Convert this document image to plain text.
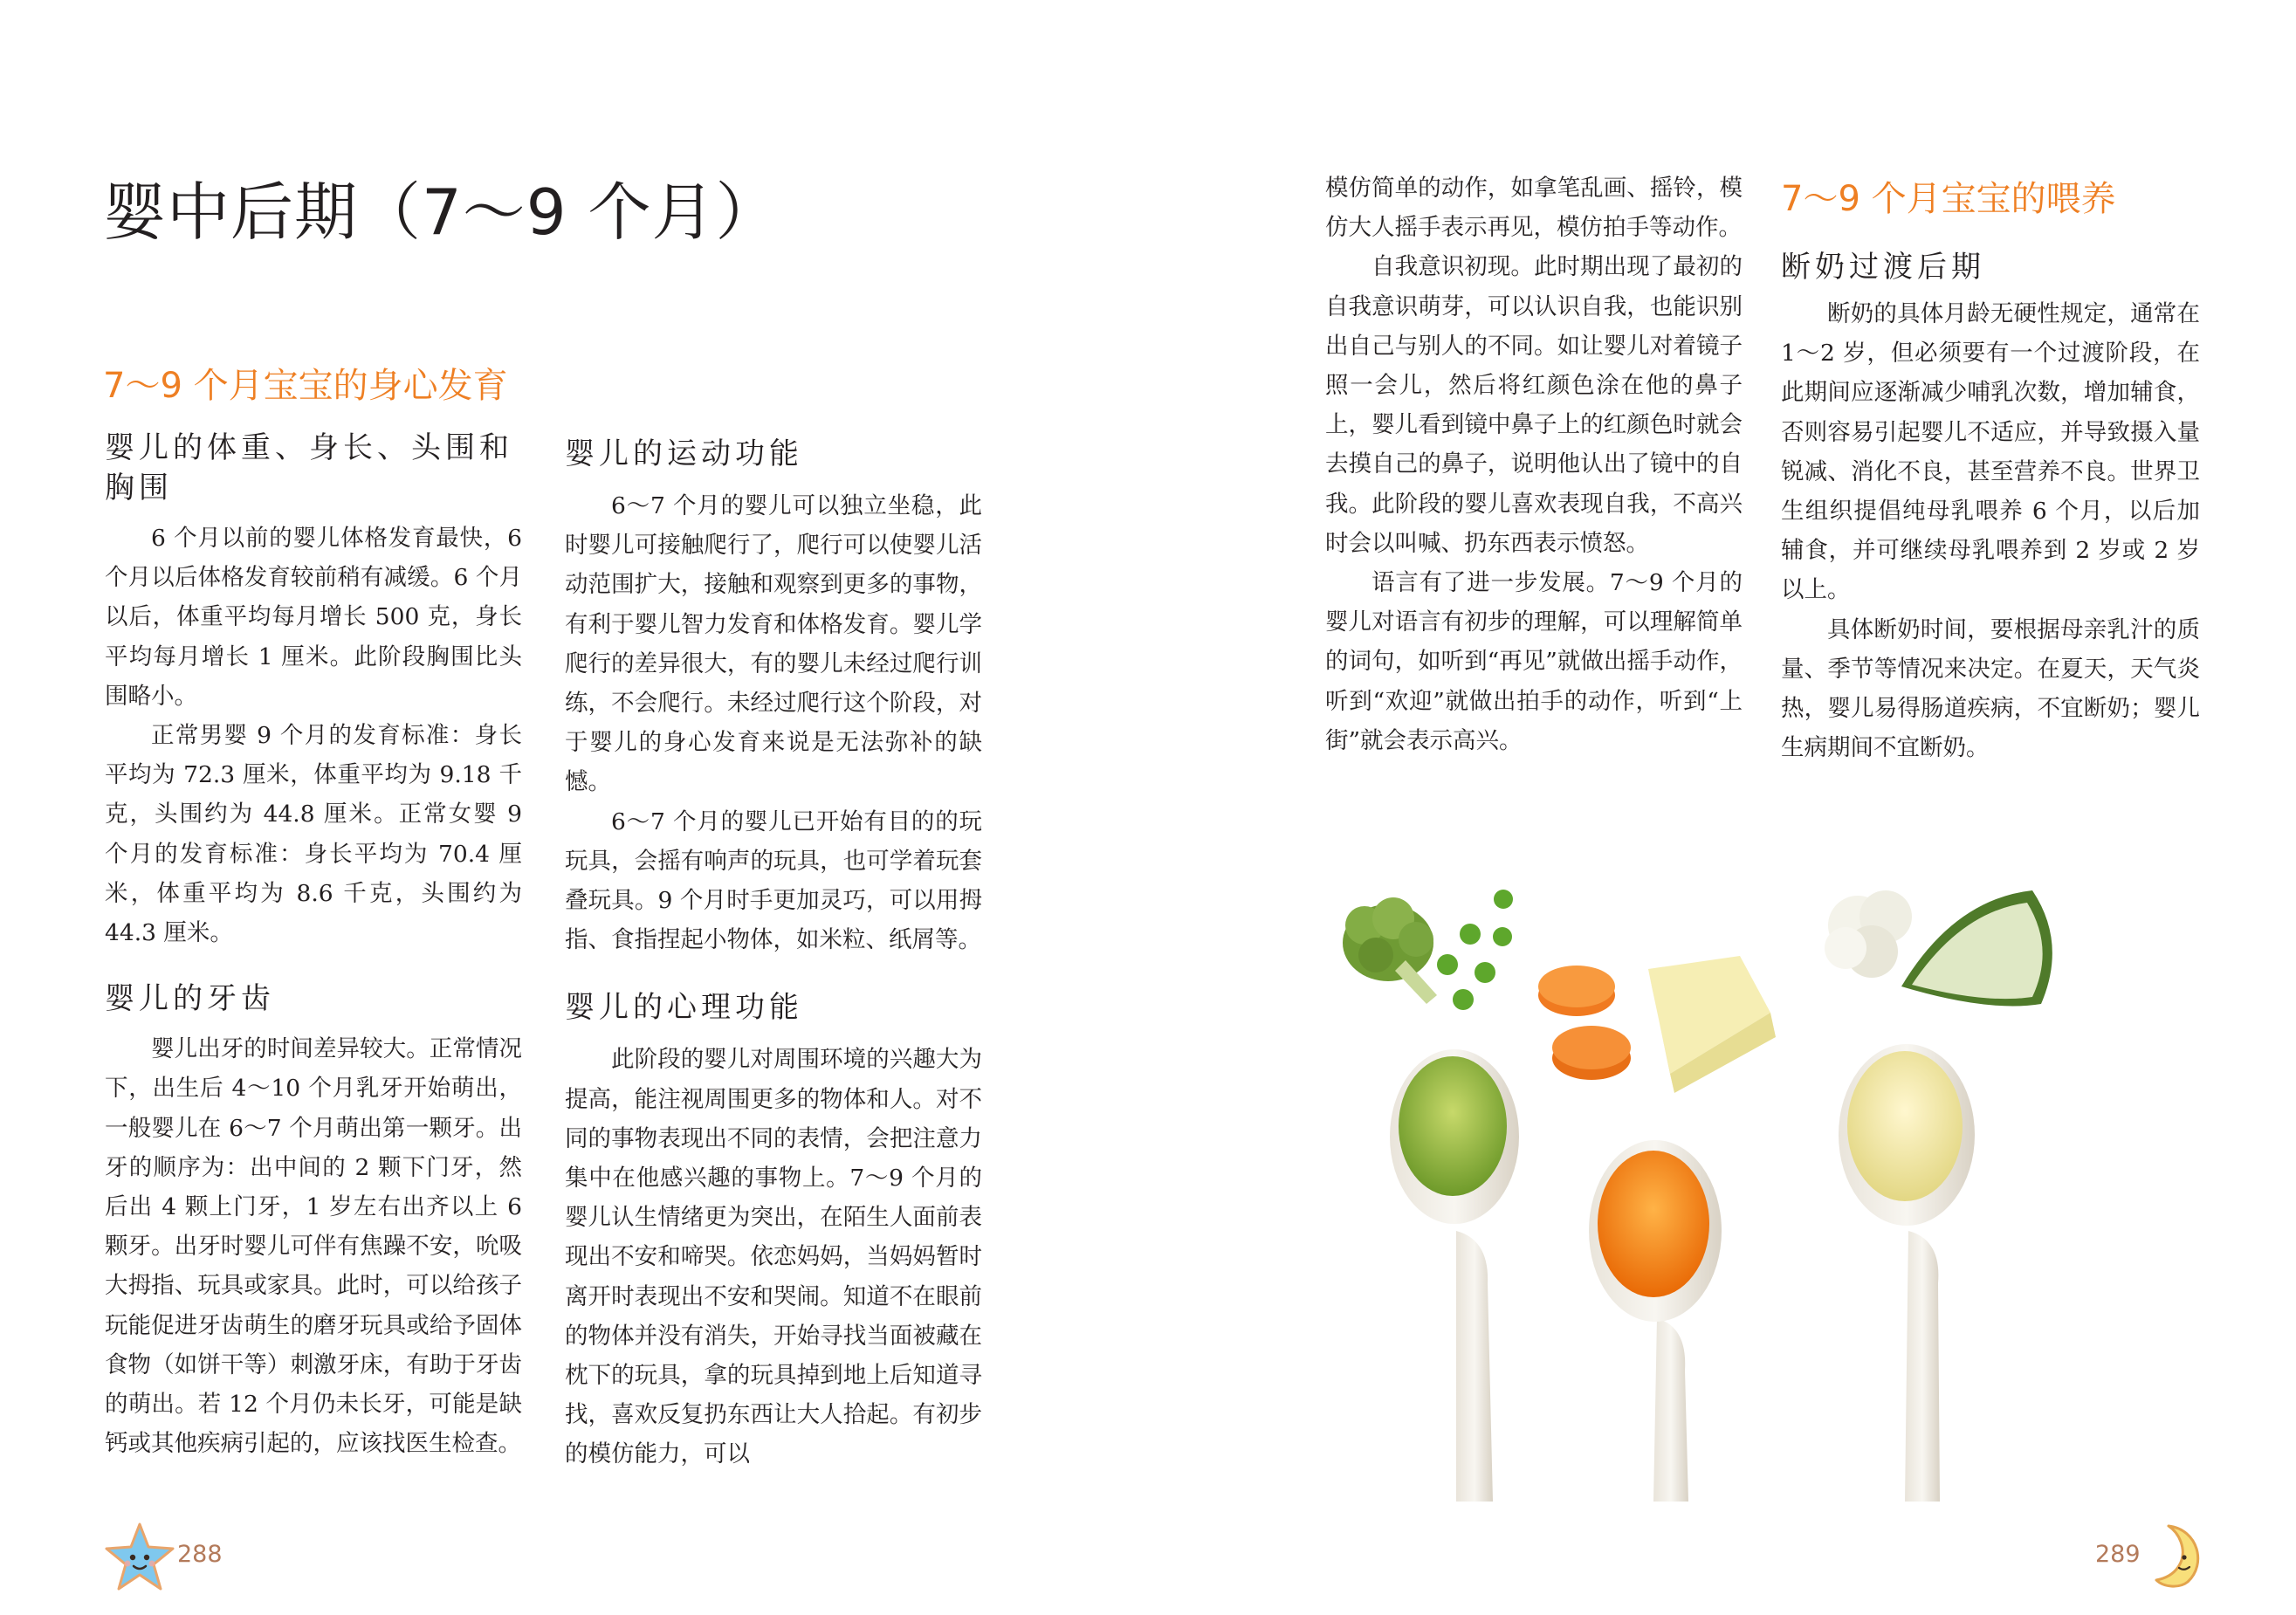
婴中后期（7～9 个月）
7～9 个月宝宝的身心发育
婴儿的体重、身长、头围和胸围

6 个月以前的婴儿体格发育最快，6 个月以后体格发育较前稍有减缓。6 个月以后，体重平均每月增长 500 克，身长平均每月增长 1 厘米。此阶段胸围比头围略小。

正常男婴 9 个月的发育标准：身长平均为 72.3 厘米，体重平均为 9.18 千克，头围约为 44.8 厘米。正常女婴 9 个月的发育标准：身长平均为 70.4 厘米，体重平均为 8.6 千克，头围约为 44.3 厘米。

婴儿的牙齿

婴儿出牙的时间差异较大。正常情况下，出生后 4～10 个月乳牙开始萌出，一般婴儿在 6～7 个月萌出第一颗牙。出牙的顺序为：出中间的 2 颗下门牙，然后出 4 颗上门牙，1 岁左右出齐以上 6 颗牙。出牙时婴儿可伴有焦躁不安，吮吸大拇指、玩具或家具。此时，可以给孩子玩能促进牙齿萌生的磨牙玩具或给予固体食物（如饼干等）刺激牙床，有助于牙齿的萌出。若 12 个月仍未长牙，可能是缺钙或其他疾病引起的，应该找医生检查。

婴儿的运动功能

6～7 个月的婴儿可以独立坐稳，此时婴儿可接触爬行了，爬行可以使婴儿活动范围扩大，接触和观察到更多的事物，有利于婴儿智力发育和体格发育。婴儿学爬行的差异很大，有的婴儿未经过爬行训练，不会爬行。未经过爬行这个阶段，对于婴儿的身心发育来说是无法弥补的缺憾。

6～7 个月的婴儿已开始有目的的玩玩具，会摇有响声的玩具，也可学着玩套叠玩具。9 个月时手更加灵巧，可以用拇指、食指捏起小物体，如米粒、纸屑等。

婴儿的心理功能

此阶段的婴儿对周围环境的兴趣大为提高，能注视周围更多的物体和人。对不同的事物表现出不同的表情，会把注意力集中在他感兴趣的事物上。7～9 个月的婴儿认生情绪更为突出，在陌生人面前表现出不安和啼哭。依恋妈妈，当妈妈暂时离开时表现出不安和哭闹。知道不在眼前的物体并没有消失，开始寻找当面被藏在枕下的玩具，拿的玩具掉到地上后知道寻找，喜欢反复扔东西让大人拾起。有初步的模仿能力，可以

288

模仿简单的动作，如拿笔乱画、摇铃，模仿大人摇手表示再见，模仿拍手等动作。

自我意识初现。此时期出现了最初的自我意识萌芽，可以认识自我，也能识别出自己与别人的不同。如让婴儿对着镜子照一会儿，然后将红颜色涂在他的鼻子上，婴儿看到镜中鼻子上的红颜色时就会去摸自己的鼻子，说明他认出了镜中的自我。此阶段的婴儿喜欢表现自我，不高兴时会以叫喊、扔东西表示愤怒。

语言有了进一步发展。7～9 个月的婴儿对语言有初步的理解，可以理解简单的词句，如听到“再见”就做出摇手动作，听到“欢迎”就做出拍手的动作，听到“上街”就会表示高兴。

7～9 个月宝宝的喂养
断奶过渡后期

断奶的具体月龄无硬性规定，通常在 1～2 岁，但必须要有一个过渡阶段，在此期间应逐渐减少哺乳次数，增加辅食，否则容易引起婴儿不适应，并导致摄入量锐减、消化不良，甚至营养不良。世界卫生组织提倡纯母乳喂养 6 个月，以后加辅食，并可继续母乳喂养到 2 岁或 2 岁以上。

具体断奶时间，要根据母亲乳汁的质量、季节等情况来决定。在夏天，天气炎热，婴儿易得肠道疾病，不宜断奶；婴儿生病期间不宜断奶。

289
